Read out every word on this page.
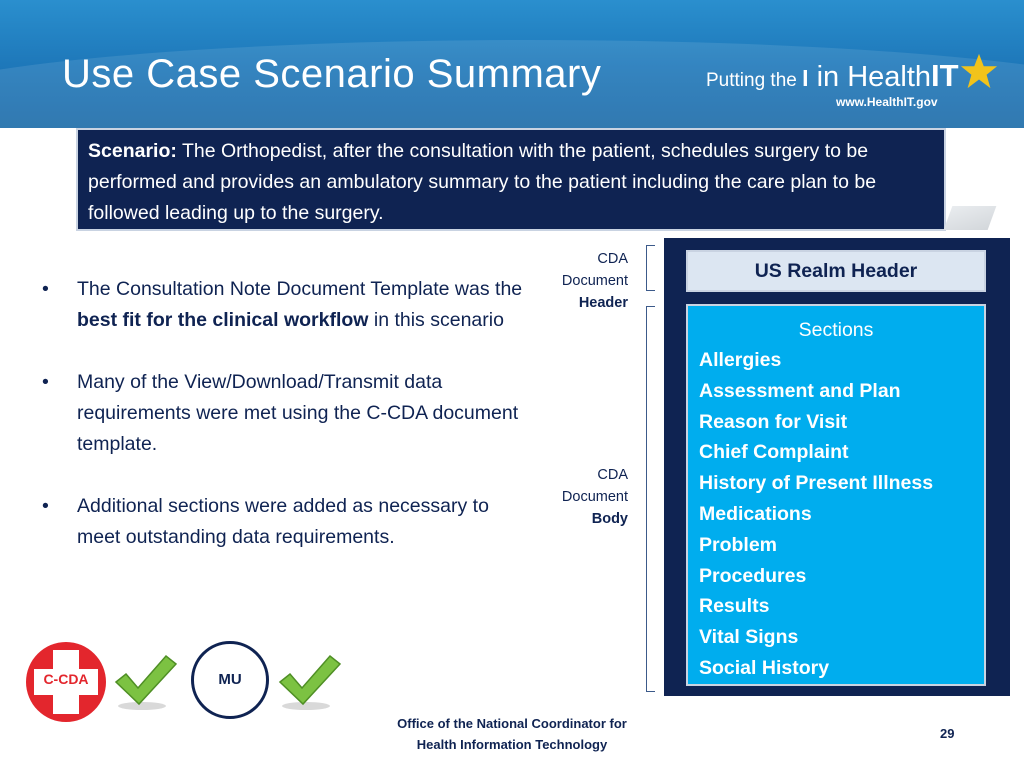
Use Case Scenario Summary	Putting the I in HealthIT
www.HealthIT.gov
Scenario: The Orthopedist, after the consultation with the patient, schedules surgery to be performed and provides an ambulatory summary to the patient including the care plan to be followed leading up to the surgery.
• The Consultation Note Document Template was the best fit for the clinical workflow in this scenario
• Many of the View/Download/Transmit data requirements were met using the C-CDA document template.
• Additional sections were added as necessary to meet outstanding data requirements.
CDA
Document
Header
CDA
Document
Body
US Realm Header
Sections
Allergies
Assessment and Plan
Reason for Visit
Chief Complaint
History of Present Illness
Medications
Problem
Procedures
Results
Vital Signs
Social History
C-CDA	MU
Office of the National Coordinator for
Health Information Technology
29
